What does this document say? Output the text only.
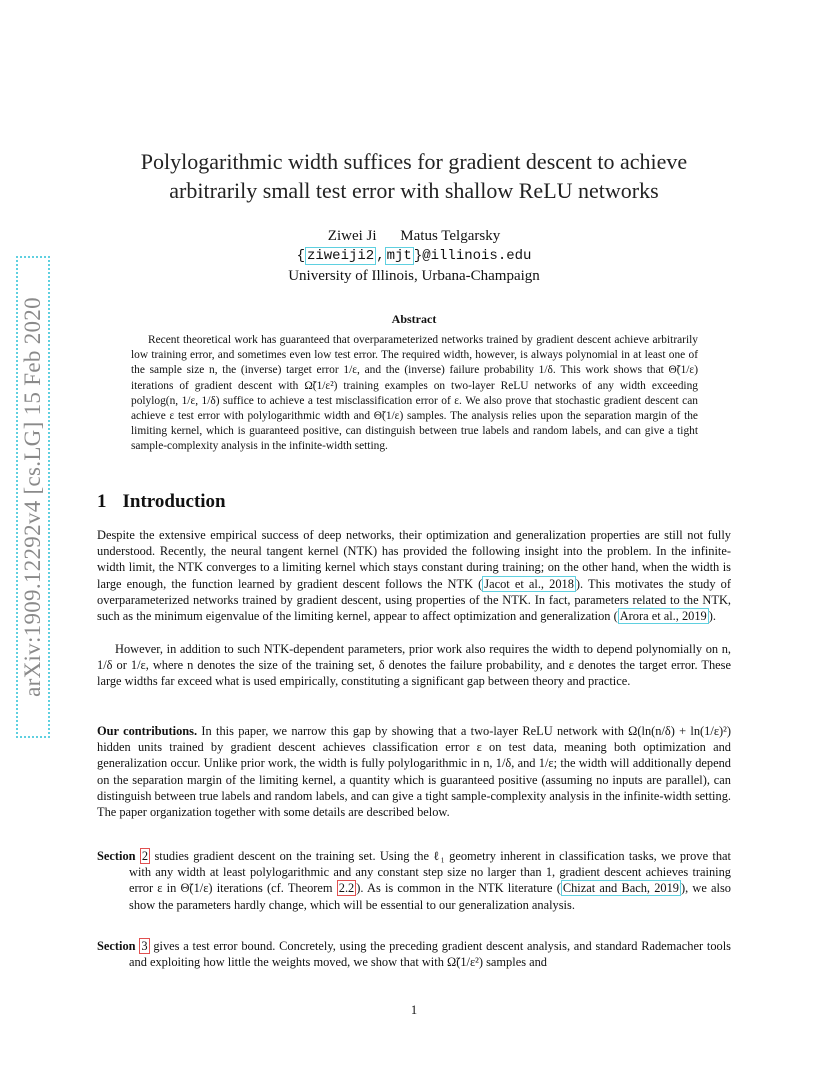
arXiv:1909.12292v4 [cs.LG] 15 Feb 2020
Polylogarithmic width suffices for gradient descent to achieve
arbitrarily small test error with shallow ReLU networks
Ziwei Ji Matus Telgarsky
{ ziweiji2 , mjt }@illinois.edu
University of Illinois, Urbana-Champaign
Abstract
Recent theoretical work has guaranteed that overparameterized networks trained by gradient descent achieve arbitrarily low training error, and sometimes even low test error. The required width, however, is always polynomial in at least one of the sample size n, the (inverse) target error 1/ε, and the (inverse) failure probability 1/δ. This work shows that Θ̃(1/ε) iterations of gradient descent with Ω̃(1/ε²) training examples on two-layer ReLU networks of any width exceeding polylog(n, 1/ε, 1/δ) suffice to achieve a test misclassification error of ε. We also prove that stochastic gradient descent can achieve ε test error with polylogarithmic width and Θ̃(1/ε) samples. The analysis relies upon the separation margin of the limiting kernel, which is guaranteed positive, can distinguish between true labels and random labels, and can give a tight sample-complexity analysis in the infinite-width setting.
1 Introduction
Despite the extensive empirical success of deep networks, their optimization and generalization properties are still not fully understood. Recently, the neural tangent kernel (NTK) has provided the following insight into the problem. In the infinite-width limit, the NTK converges to a limiting kernel which stays constant during training; on the other hand, when the width is large enough, the function learned by gradient descent follows the NTK ( Jacot et al., 2018 ). This motivates the study of overparameterized networks trained by gradient descent, using properties of the NTK. In fact, parameters related to the NTK, such as the minimum eigenvalue of the limiting kernel, appear to affect optimization and generalization ( Arora et al., 2019 ).
However, in addition to such NTK-dependent parameters, prior work also requires the width to depend polynomially on n, 1/δ or 1/ε, where n denotes the size of the training set, δ denotes the failure probability, and ε denotes the target error. These large widths far exceed what is used empirically, constituting a significant gap between theory and practice.
Our contributions. In this paper, we narrow this gap by showing that a two-layer ReLU network with Ω(ln(n/δ) + ln(1/ε)²) hidden units trained by gradient descent achieves classification error ε on test data, meaning both optimization and generalization occur. Unlike prior work, the width is fully polylogarithmic in n, 1/δ, and 1/ε; the width will additionally depend on the separation margin of the limiting kernel, a quantity which is guaranteed positive (assuming no inputs are parallel), can distinguish between true labels and random labels, and can give a tight sample-complexity analysis in the infinite-width setting. The paper organization together with some details are described below.
Section 2 studies gradient descent on the training set. Using the ℓ₁ geometry inherent in classification tasks, we prove that with any width at least polylogarithmic and any constant step size no larger than 1, gradient descent achieves training error ε in Θ̃(1/ε) iterations (cf. Theorem 2.2 ). As is common in the NTK literature ( Chizat and Bach, 2019 ), we also show the parameters hardly change, which will be essential to our generalization analysis.
Section 3 gives a test error bound. Concretely, using the preceding gradient descent analysis, and standard Rademacher tools and exploiting how little the weights moved, we show that with Ω̃(1/ε²) samples and
1
